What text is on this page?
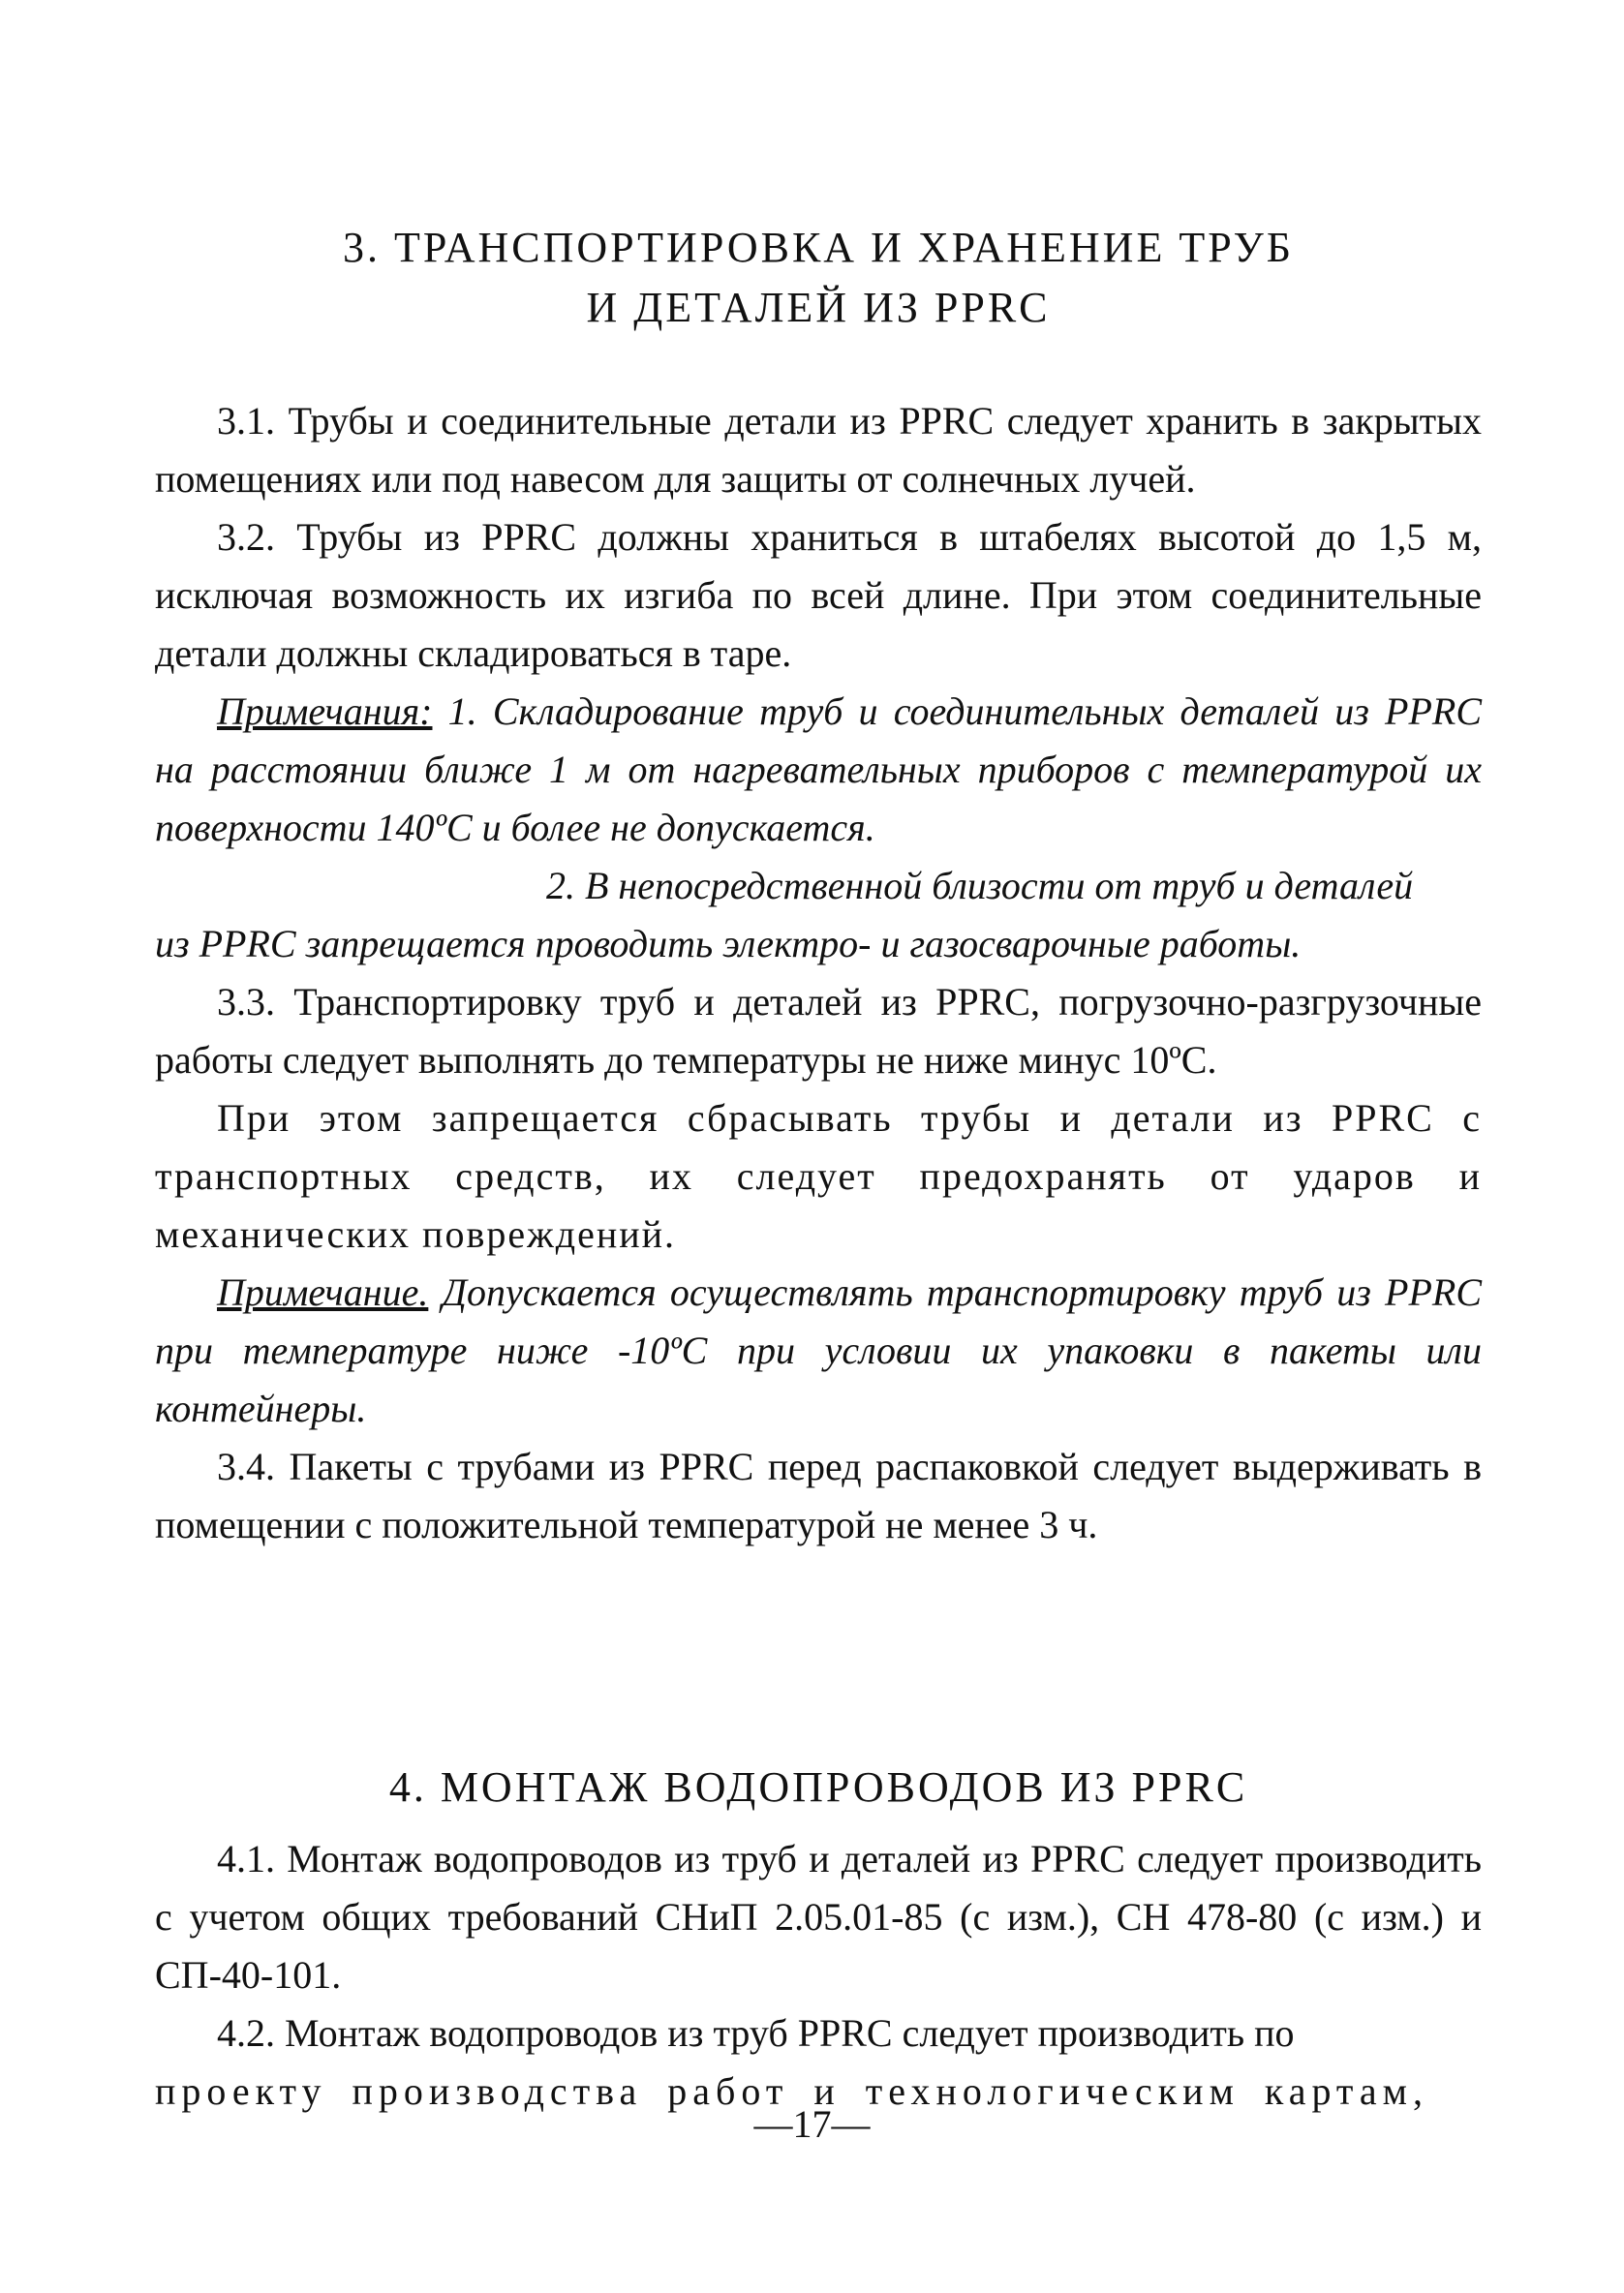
3. ТРАНСПОРТИРОВКА И ХРАНЕНИЕ ТРУБ
И ДЕТАЛЕЙ ИЗ PPRC

3.1. Трубы и соединительные детали из PPRC следует хранить в закрытых помещениях или под навесом для защиты от солнечных лучей.

3.2. Трубы из PPRC должны храниться в штабелях высотой до 1,5 м, исключая возможность их изгиба по всей длине. При этом соединительные детали должны складироваться в таре.

Примечания: 1. Складирование труб и соединительных деталей из PPRC на расстоянии ближе 1 м от нагревательных приборов с температурой их поверхности 140ºС и более не допускается.

2. В непосредственной близости от труб и деталей

из PPRC запрещается проводить электро- и газосварочные работы.

3.3. Транспортировку труб и деталей из PPRC, погрузочно-разгрузочные работы следует выполнять до температуры не ниже минус 10ºС.

При этом запрещается сбрасывать трубы и детали из PPRC с транспортных средств, их следует предохранять от ударов и механических повреждений.

Примечание. Допускается осуществлять транспортировку труб из PPRC при температуре ниже -10ºС при условии их упаковки в пакеты или контейнеры.

3.4. Пакеты с трубами из PPRC перед распаковкой следует выдерживать в помещении с положительной температурой не менее 3 ч.

4. МОНТАЖ ВОДОПРОВОДОВ ИЗ PPRC

4.1. Монтаж водопроводов из труб и деталей из PPRC следует производить с учетом общих требований СНиП 2.05.01-85 (с изм.), СН 478-80 (с изм.) и СП-40-101.

4.2. Монтаж водопроводов из труб PPRC следует производить по

проекту производства работ и технологическим картам,

—17—
